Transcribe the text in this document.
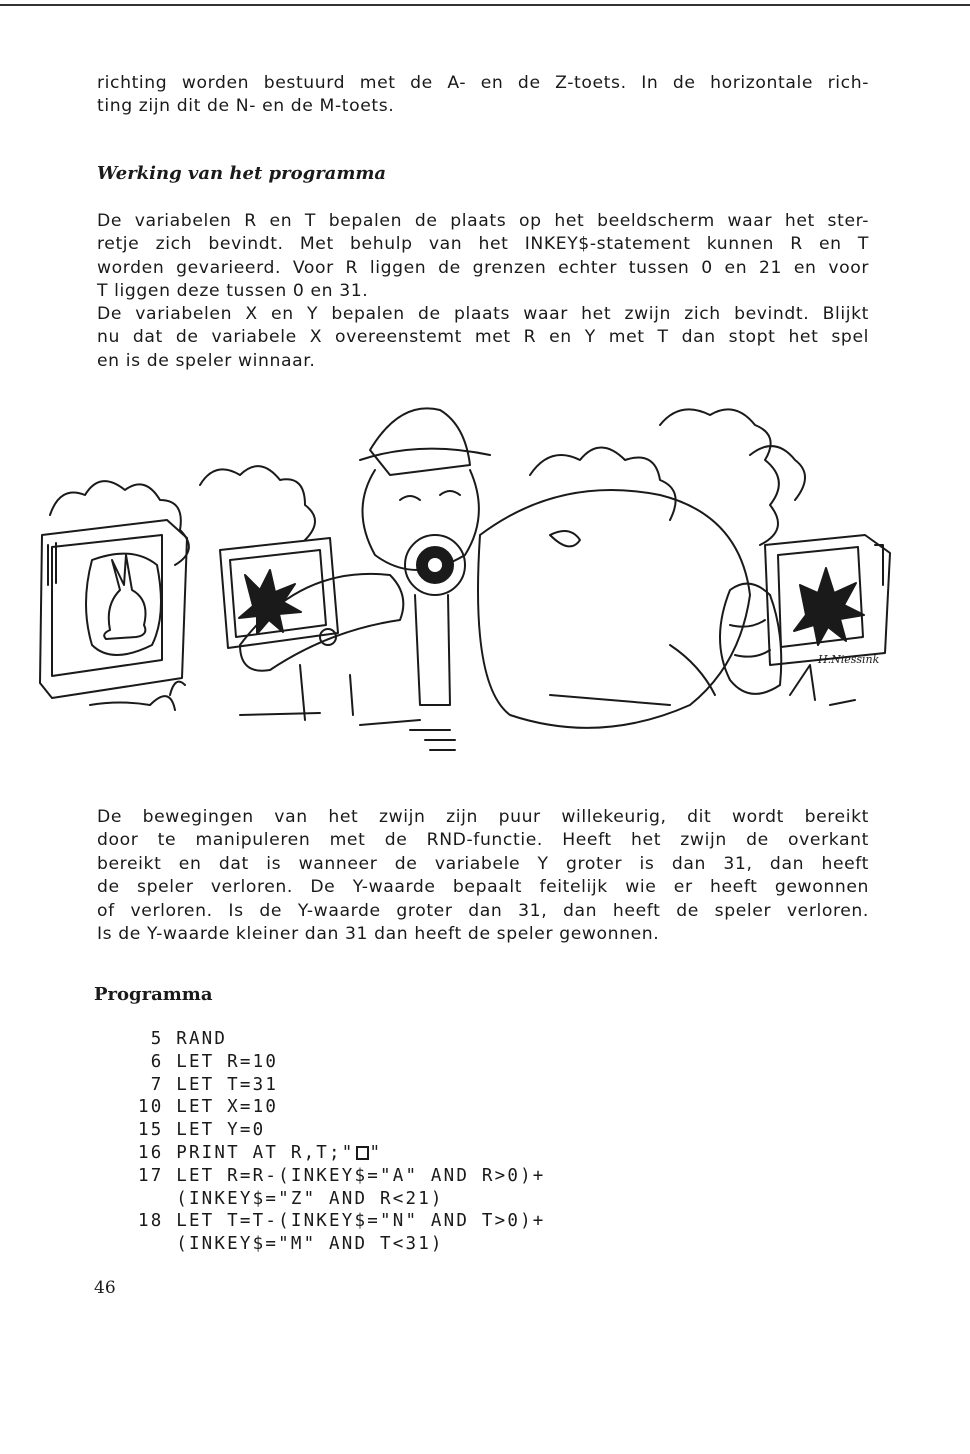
richting worden bestuurd met de A- en de Z-toets. In de horizontale rich-
ting zijn dit de N- en de M-toets.
Werking van het programma
De variabelen R en T bepalen de plaats op het beeldscherm waar het ster-
retje zich bevindt. Met behulp van het INKEY$-statement kunnen R en T
worden gevarieerd. Voor R liggen de grenzen echter tussen 0 en 21 en voor
T liggen deze tussen 0 en 31.
De variabelen X en Y bepalen de plaats waar het zwijn zich bevindt. Blijkt
nu dat de variabele X overeenstemt met R en Y met T dan stopt het spel
en is de speler winnaar.
H.Niessink
De bewegingen van het zwijn zijn puur willekeurig, dit wordt bereikt
door te manipuleren met de RND-functie. Heeft het zwijn de overkant
bereikt en dat is wanneer de variabele Y groter is dan 31, dan heeft
de speler verloren. De Y-waarde bepaalt feitelijk wie er heeft gewonnen
of verloren. Is de Y-waarde groter dan 31, dan heeft de speler verloren.
Is de Y-waarde kleiner dan 31 dan heeft de speler gewonnen.
Programma
5 RAND
6 LET R=10
7 LET T=31
10 LET X=10
15 LET Y=0
16 PRINT AT R,T;" "
17 LET R=R-(INKEY$="A" AND R>0)+
(INKEY$="Z" AND R<21)
18 LET T=T-(INKEY$="N" AND T>0)+
(INKEY$="M" AND T<31)
46
